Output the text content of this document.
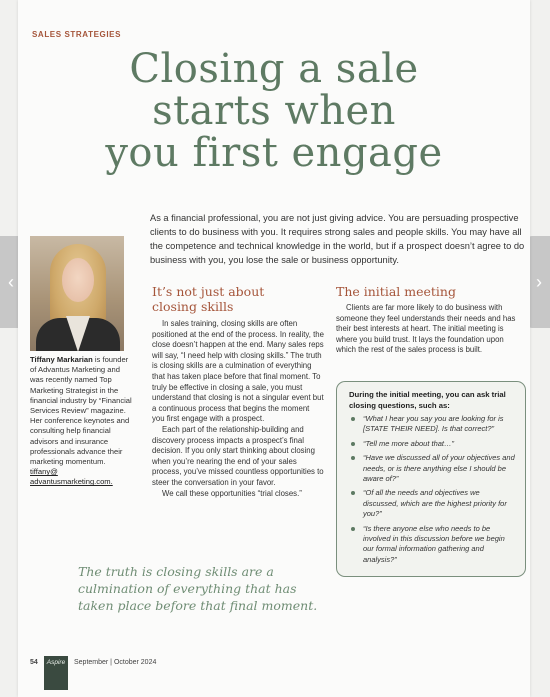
‹	›
SALES STRATEGIES
Closing a sale
starts when
you first engage
As a financial professional, you are not just giving advice. You are persuading prospective clients to do business with you. It requires strong sales and people skills. You may have all the competence and technical knowledge in the world, but if a prospect doesn’t agree to do business with you, you lose the sale or business opportunity.
Tiffany Markarian is founder of Advantus Marketing and was recently named Top Marketing Strategist in the financial industry by “Financial Services Review” magazine. Her conference keynotes and consulting help financial advisors and insurance professionals advance their marketing momentum. tiffany@ advantusmarketing.com.
It’s not just about
closing skills

In sales training, closing skills are often positioned at the end of the process. In reality, the close doesn’t happen at the end. Many sales reps will say, “I need help with closing skills.” The truth is closing skills are a culmination of everything that has taken place before that final moment. To truly be effective in closing a sale, you must understand that closing is not a singular event but a continuous process that begins the moment you first engage with a prospect.

Each part of the relationship-building and discovery process impacts a prospect’s final decision. If you only start thinking about closing when you’re nearing the end of your sales process, you’ve missed countless opportunities to steer the conversation in your favor.

We call these opportunities “trial closes.”

The initial meeting

Clients are far more likely to do business with someone they feel understands their needs and has their best interests at heart. The initial meeting is where you build trust. It lays the foundation upon which the rest of the sales process is built.

During the initial meeting, you can ask trial closing questions, such as:
“What I hear you say you are looking for is [STATE THEIR NEED]. Is that correct?”
“Tell me more about that…”
“Have we discussed all of your objectives and needs, or is there anything else I should be aware of?”
“Of all the needs and objectives we discussed, which are the highest priority for you?”
“Is there anyone else who needs to be involved in this discussion before we begin our formal information gathering and analysis?”
The truth is closing skills are a culmination of everything that has taken place before that final moment.
54	Aspire	September | October 2024
